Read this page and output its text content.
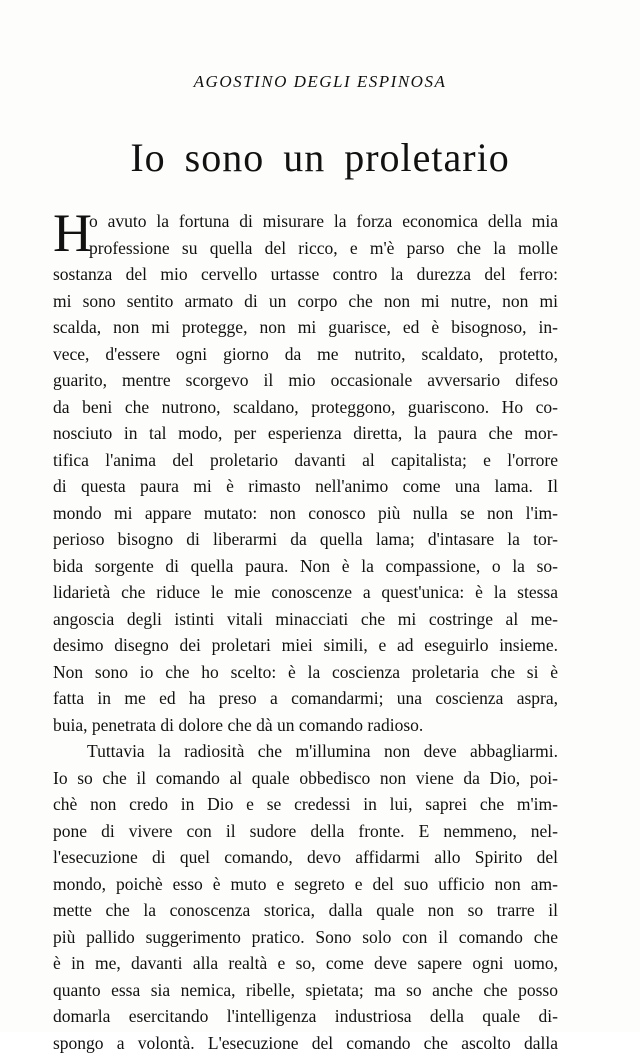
AGOSTINO DEGLI ESPINOSA
Io sono un proletario
H
o avuto la fortuna di misurare la forza economica della mia
professione su quella del ricco, e m'è parso che la molle
sostanza del mio cervello urtasse contro la durezza del ferro:
mi sono sentito armato di un corpo che non mi nutre, non mi
scalda, non mi protegge, non mi guarisce, ed è bisognoso, in-
vece, d'essere ogni giorno da me nutrito, scaldato, protetto,
guarito, mentre scorgevo il mio occasionale avversario difeso
da beni che nutrono, scaldano, proteggono, guariscono. Ho co-
nosciuto in tal modo, per esperienza diretta, la paura che mor-
tifica l'anima del proletario davanti al capitalista; e l'orrore
di questa paura mi è rimasto nell'animo come una lama. Il
mondo mi appare mutato: non conosco più nulla se non l'im-
perioso bisogno di liberarmi da quella lama; d'intasare la tor-
bida sorgente di quella paura. Non è la compassione, o la so-
lidarietà che riduce le mie conoscenze a quest'unica: è la stessa
angoscia degli istinti vitali minacciati che mi costringe al me-
desimo disegno dei proletari miei simili, e ad eseguirlo insieme.
Non sono io che ho scelto: è la coscienza proletaria che si è
fatta in me ed ha preso a comandarmi; una coscienza aspra,
buia, penetrata di dolore che dà un comando radioso.
Tuttavia la radiosità che m'illumina non deve abbagliarmi.
Io so che il comando al quale obbedisco non viene da Dio, poi-
chè non credo in Dio e se credessi in lui, saprei che m'im-
pone di vivere con il sudore della fronte. E nemmeno, nel-
l'esecuzione di quel comando, devo affidarmi allo Spirito del
mondo, poichè esso è muto e segreto e del suo ufficio non am-
mette che la conoscenza storica, dalla quale non so trarre il
più pallido suggerimento pratico. Sono solo con il comando che
è in me, davanti alla realtà e so, come deve sapere ogni uomo,
quanto essa sia nemica, ribelle, spietata; ma so anche che posso
domarla esercitando l'intelligenza industriosa della quale di-
spongo a volontà. L'esecuzione del comando che ascolto dalla
